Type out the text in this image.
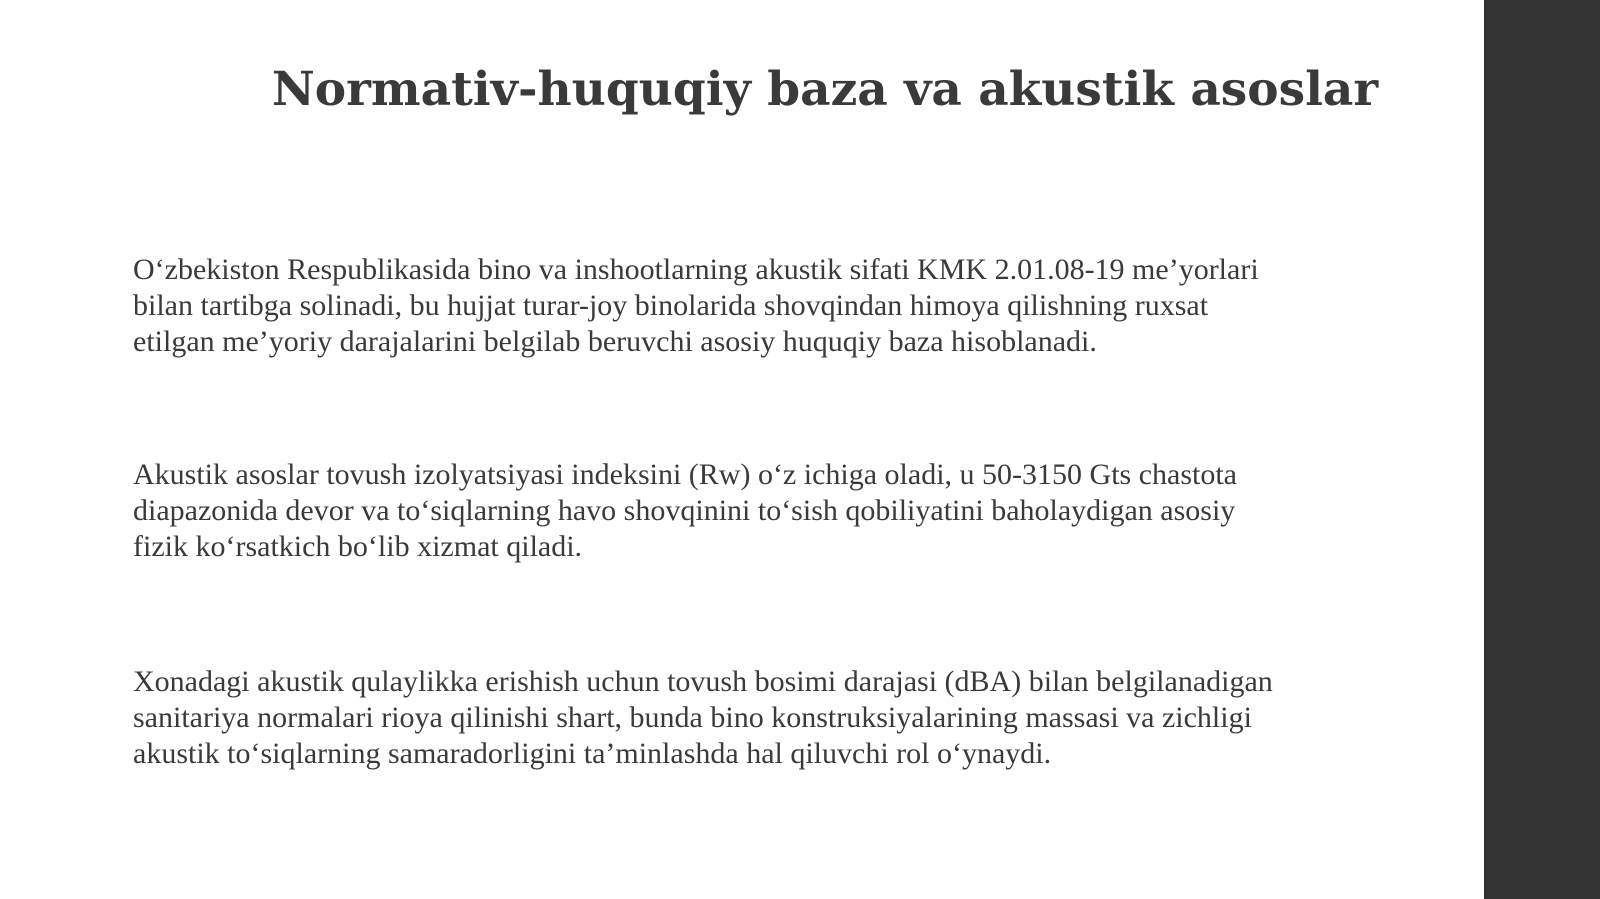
Normativ-huquqiy baza va akustik asoslar

O‘zbekiston Respublikasida bino va inshootlarning akustik sifati KMK 2.01.08-19 me’yorlari
bilan tartibga solinadi, bu hujjat turar-joy binolarida shovqindan himoya qilishning ruxsat
etilgan me’yoriy darajalarini belgilab beruvchi asosiy huquqiy baza hisoblanadi.

Akustik asoslar tovush izolyatsiyasi indeksini (Rw) o‘z ichiga oladi, u 50-3150 Gts chastota
diapazonida devor va to‘siqlarning havo shovqinini to‘sish qobiliyatini baholaydigan asosiy
fizik ko‘rsatkich bo‘lib xizmat qiladi.

Xonadagi akustik qulaylikka erishish uchun tovush bosimi darajasi (dBA) bilan belgilanadigan
sanitariya normalari rioya qilinishi shart, bunda bino konstruksiyalarining massasi va zichligi
akustik to‘siqlarning samaradorligini ta’minlashda hal qiluvchi rol o‘ynaydi.
